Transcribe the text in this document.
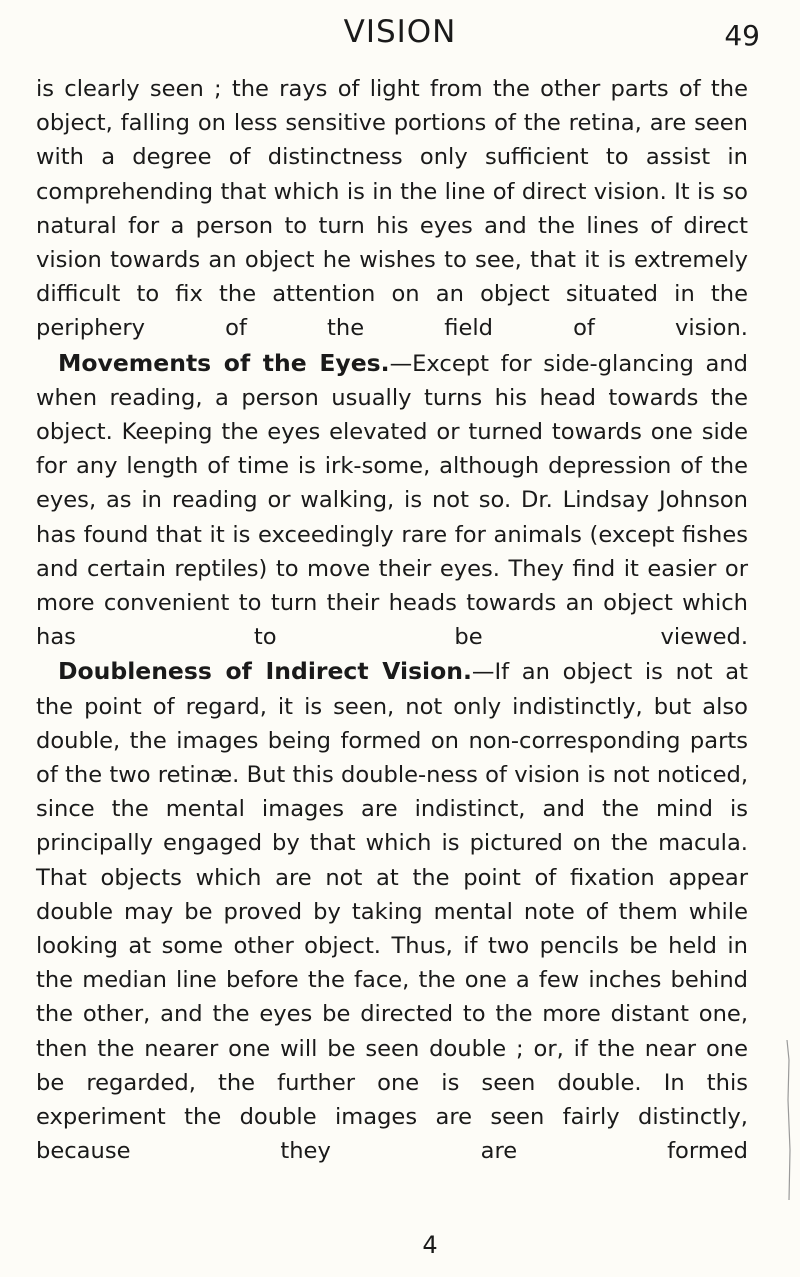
VISION	49

is clearly seen ; the rays of light from the other parts of the object, falling on less sensitive portions of the retina, are seen with a degree of distinctness only sufficient to assist in comprehending that which is in the line of direct vision. It is so natural for a person to turn his eyes and the lines of direct vision towards an object he wishes to see, that it is extremely difficult to fix the attention on an object situated in the periphery of the field of vision.

Movements of the Eyes.—Except for side-glancing and when reading, a person usually turns his head towards the object. Keeping the eyes elevated or turned towards one side for any length of time is irk-some, although depression of the eyes, as in reading or walking, is not so. Dr. Lindsay Johnson has found that it is exceedingly rare for animals (except fishes and certain reptiles) to move their eyes. They find it easier or more convenient to turn their heads towards an object which has to be viewed.

Doubleness of Indirect Vision.—If an object is not at the point of regard, it is seen, not only indistinctly, but also double, the images being formed on non-corresponding parts of the two retinæ. But this double-ness of vision is not noticed, since the mental images are indistinct, and the mind is principally engaged by that which is pictured on the macula. That objects which are not at the point of fixation appear double may be proved by taking mental note of them while looking at some other object. Thus, if two pencils be held in the median line before the face, the one a few inches behind the other, and the eyes be directed to the more distant one, then the nearer one will be seen double ; or, if the near one be regarded, the further one is seen double. In this experiment the double images are seen fairly distinctly, because they are formed

4
